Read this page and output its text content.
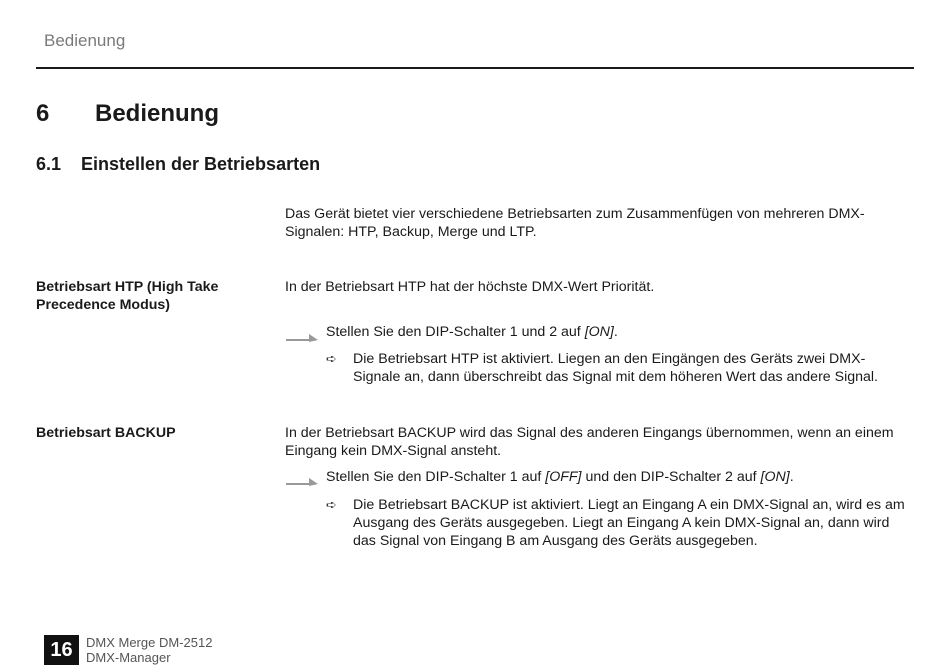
Bedienung
6 Bedienung
6.1 Einstellen der Betriebsarten
Das Gerät bietet vier verschiedene Betriebsarten zum Zusammenfügen von mehreren DMX-Signalen: HTP, Backup, Merge und LTP.
Betriebsart HTP (High Take Precedence Modus)
In der Betriebsart HTP hat der höchste DMX-Wert Priorität.
Stellen Sie den DIP-Schalter 1 und 2 auf [ON].
➪ Die Betriebsart HTP ist aktiviert. Liegen an den Eingängen des Geräts zwei DMX-Signale an, dann überschreibt das Signal mit dem höheren Wert das andere Signal.
Betriebsart BACKUP	In der Betriebsart BACKUP wird das Signal des anderen Eingangs übernommen, wenn an einem Eingang kein DMX-Signal ansteht.
Stellen Sie den DIP-Schalter 1 auf [OFF] und den DIP-Schalter 2 auf [ON].
➪ Die Betriebsart BACKUP ist aktiviert. Liegt an Eingang A ein DMX-Signal an, wird es am Ausgang des Geräts ausgegeben. Liegt an Eingang A kein DMX-Signal an, dann wird das Signal von Eingang B am Ausgang des Geräts ausgegeben.
16	DMX Merge DM-2512
DMX-Manager
